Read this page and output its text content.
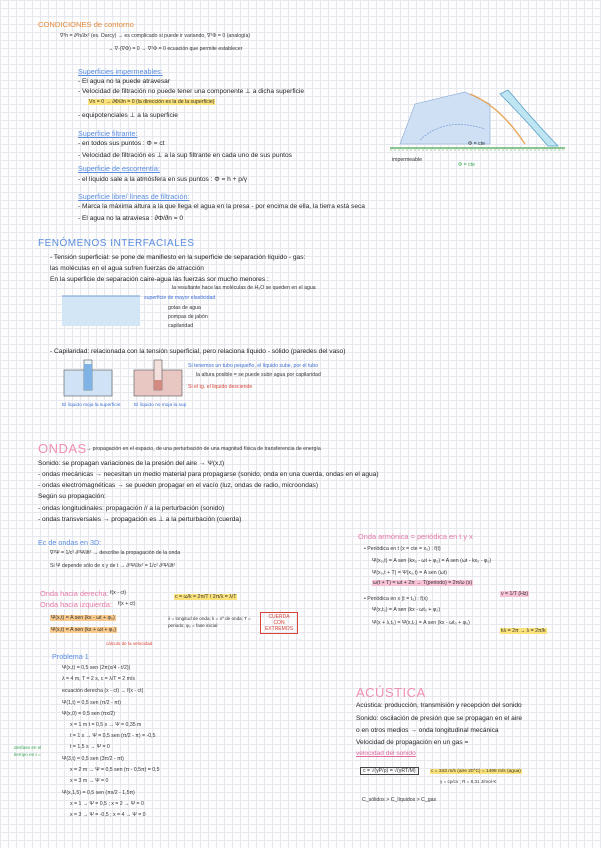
CONDICIONES de contorno
∇²h = ∂²h/∂x² (es. Darcy) → es complicado si puede ir variando, ∇²Φ = 0 (analogía)
→ ∇·(∇Φ) = 0 → ∇²Φ = 0 ecuación que permite establecer
Superficies impermeables:
- El agua no la puede atravesar
- Velocidad de filtración no puede tener una componente ⊥ a dicha superficie
Vn = 0 → ∂Φ/∂n = 0 (la dirección es la de la superficie)
- equipotenciales ⊥ a la superficie
Superficie filtrante:
- en todos sus puntos : Φ = ct
- Velocidad de filtración es ⊥ a la sup filtrante en cada uno de sus puntos
Superficie de escorrentía:
- el líquido sale a la atmósfera en sus puntos : Φ = h + p/γ
Superficie libre/ líneas de filtración:
- Marca la máxima altura a la que llega el agua en la presa - por encima de ella, la tierra está seca
- El agua no la atraviesa : ∂Φ/∂n = 0
impermeable
Φ = cte
Φ = cte
FENÓMENOS INTERFACIALES
- Tensión superficial: se pone de manifiesto en la superficie de separación líquido - gas:
las moléculas en el agua sufren fuerzas de atracción
En la superficie de separación caire-agua las fuerzas sor mucho menores :
la resultante hace las moléculas de H₂O se queden en el agua
superficie de mayor elasticidad
gotas de agua
pompas de jabón
capilaridad
- Capilaridad: relacionada con la tensión superficial, pero relaciona líquido - sólido (paredes del vaso)
El líquido moja la superficie	El líquido no moja la sup
Si tenemos un tubo pequeño, el líquido sube, por el tubo
la altura posible = se puede subir agua por capilaridad
Si el tg. el liquido desciende
ONDAS → propagación en el espacio, de una perturbación de una magnitud física de transferencia de energía
Sonido: se propagan variaciones de la presión del aire → Ψ(x,t)
- ondas mecánicas → necesitan un medio material para propagarse (sonido, onda en una cuerda, ondas en el agua)
- ondas electromagnéticas → se pueden propagar en el vacío (luz, ondas de radio, microondas)
Según su propagación:
- ondas longitudinales: propagación // a la perturbación (sonido)
- ondas transversales → propagación es ⊥ a la perturbación (cuerda)
Ec de ondas en 3D:
∇²Ψ = 1/c² ∂²Ψ/∂t² → describe la propagación de la onda
Si Ψ depende sólo de x y de t → ∂²Ψ/∂x² = 1/c² ∂²Ψ/∂t²
Onda hacia derecha: f(x - ct)
Onda hacia izquierda: f(x + ct)
c = ω/k = 2π/T / 2π/λ = λ/T
Ψ(x,t) = A sen (kx - ωt + φ₀)
Ψ(x,t) = A sen (kx + ωt + φ₀)
λ = longitud de onda; k = nº de onda; T = periodo; φ₀ = fase inicial
cálculo de la velocidad
CUERDA CON EXTREMOS
Onda armónica = periódica en t y x
• Periódica en t (x = cte = x₀) : f(t)
Ψ(x₀,t) = A sen (kx₀ - ωt + φ₀) = A sen (ωt - kx₀ - φ₀)
Ψ(x₀,t + T) = Ψ(x₀,t) = A sen (ωt)
ω(t + T) = ωt + 2π → T(periodo) = 2π/ω (s)
ν = 1/T (Hz)
• Periódica en x (t = t₀) : f(x)
Ψ(x,t₀) = A sen (kx - ωt₀ + φ₀)
Ψ(x + λ,t₀) = Ψ(x,t₀) = A sen (kx - ωt₀ + φ₀)
kλ = 2π → λ = 2π/k
Problema 1
Ψ(x,t) = 0,5 sen (2π(x/4 - t/2))
λ = 4 m, T = 2 s, c = λ/T = 2 m/s
ecuación derecha (x - ct) → f(x - ct)
Ψ(1,t) = 0,5 sen (π/2 - πt)
Ψ(x,0) = 0,5 sen (πx/2)
x = 1 m t = 0,5 s → Ψ = 0,35 m
t = 1 s → Ψ = 0,5 sen (π/2 - π) = -0,5
t = 1,5 s → Ψ = 0
Ψ(3,t) = 0,5 sen (3π/2 - πt)
x = 2 m → Ψ = 0,5 sen (π - 0,5π) = 0,5
x = 3 m → Ψ = 0
Ψ(x,1,5) = 0,5 sen (πx/2 - 1,5π)
x = 1 → Ψ = 0,5 ; x = 2 → Ψ = 0
x = 3 → Ψ = -0,5 ; x = 4 → Ψ = 0
desfase en el tiempo en t =
ACÚSTICA
Acústica: producción, transmisión y recepción del sonido
Sonido: oscilación de presión que se propagan en el aire
o en otros medios → onda longitudinal mecánica
Velocidad de propagación en un gas =
velocidad del sonido
c = √(γP/ρ) = √(γRT/M)
γ = cp/cv ; R = 8,31 J/mol·K
c = 343 m/s (aire 20°C) = 1498 m/s (agua)
C_sólidos > C_líquidos > C_gas
